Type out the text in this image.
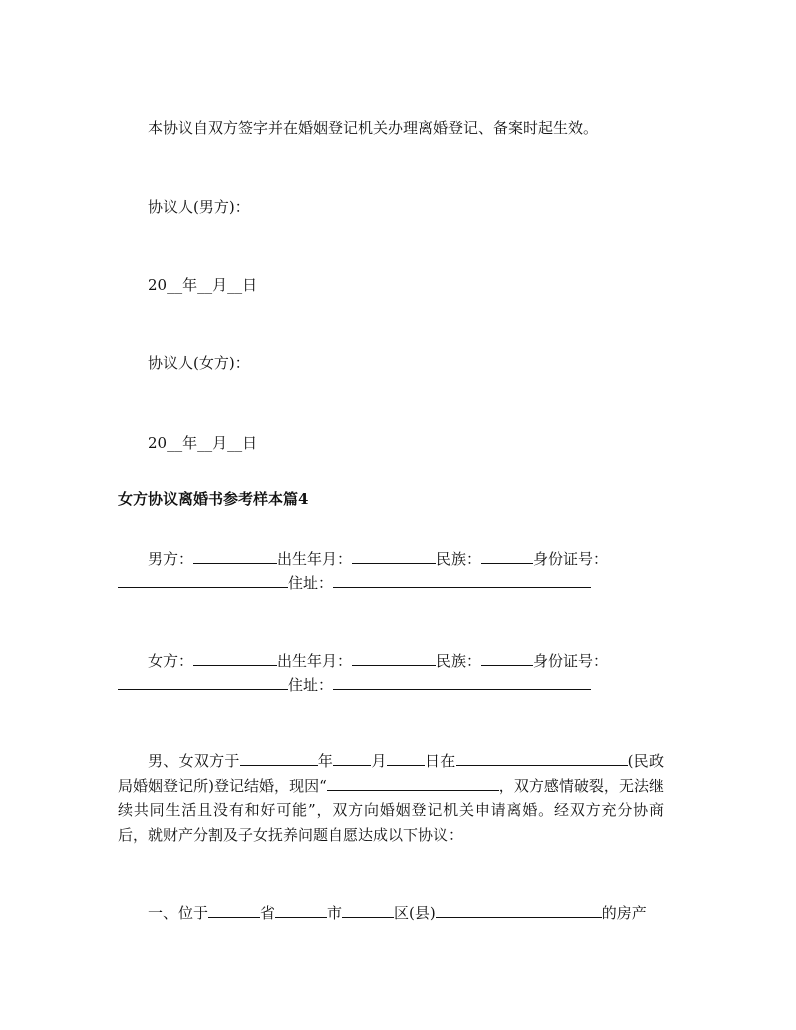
本协议自双方签字并在婚姻登记机关办理离婚登记、备案时起生效。
协议人(男方)：
20__年__月__日
协议人(女方)：
20__年__月__日
女方协议离婚书参考样本篇4
男方：	出生年月：	民族：	身份证号：
住址：
女方：	出生年月：	民族：	身份证号：
住址：
男、女双方于	年	月	日在	(民政局婚姻登记所)登记结婚，现因“	，双方感情破裂，无法继续共同生活且没有和好可能”，双方向婚姻登记机关申请离婚。经双方充分协商后，就财产分割及子女抚养问题自愿达成以下协议：
一、位于	省	市	区(县)	的房产
